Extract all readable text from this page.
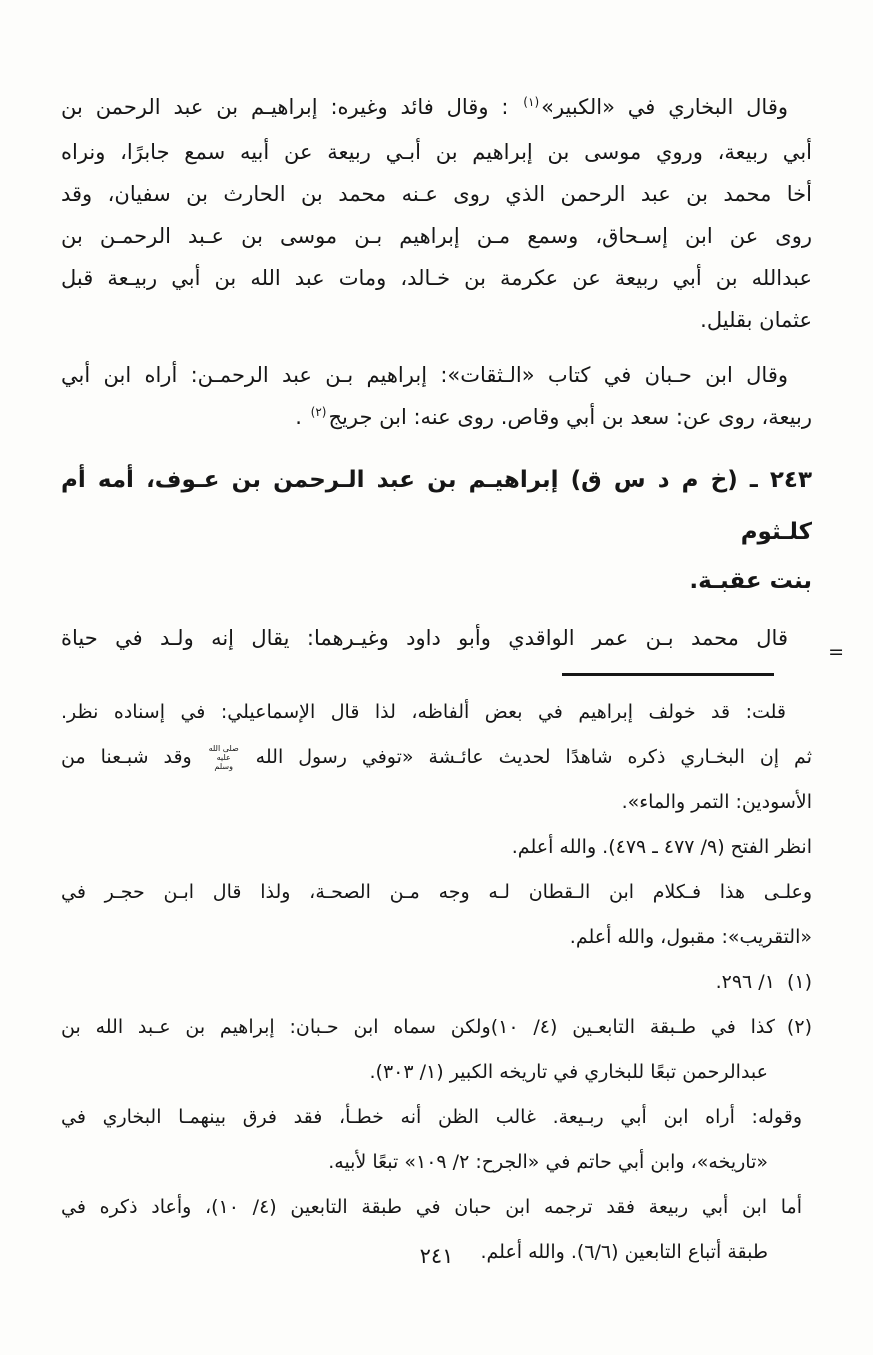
وقال البخاري في «الكبير»$^{(١)}$ : وقال فائد وغيره: إبراهيـم بن عبد الرحمن بن
أبي ربيعة، وروي موسى بن إبراهيم بن أبـي ربيعة عن أبيه سمع جابرًا، ونراه
أخا محمد بن عبد الرحمن الذي روى عـنه محمد بن الحارث بن سفيان، وقد
روى عن ابن إسـحاق، وسمع مـن إبراهيم بـن موسى بن عـبد الرحمـن بن
عبدالله بن أبي ربيعة عن عكرمة بن خـالد، ومات عبد الله بن أبي ربيـعة قبل
عثمان بقليل.
وقال ابن حـبان في كتاب «الـثقات»: إبراهيم بـن عبد الرحمـن: أراه ابن أبي
ربيعة، روى عن: سعد بن أبي وقاص. روى عنه: ابن جريج$^{(٢)}$ .
٢٤٣ ـ (خ م د س ق) إبراهيـم بن عبد الـرحمن بن عـوف، أمه أم كلـثوم
بنت عقبـة.
قال محمد بـن عمر الواقدي وأبو داود وغيـرهما: يقال إنه ولـد في حياة
=
قلت: قد خولف إبراهيم في بعض ألفاظه، لذا قال الإسماعيلي: في إسناده نظر.
ثم إن البخـاري ذكره شاهدًا لحديث عائـشة «توفي رسول الله صلى الله عليه وسلم وقد شبـعنا من
الأسودين: التمر والماء».
انظر الفتح (٩/ ٤٧٧ ـ ٤٧٩). والله أعلم.
وعلـى هذا فـكلام ابن الـقطان لـه وجه مـن الصحـة، ولذا قال ابـن حجـر في
«التقريب»: مقبول، والله أعلم.
(١)١/ ٢٩٦.
(٢)كذا في طـبقة التابعـين (٤/ ١٠)ولكن سماه ابن حـبان: إبراهيم بن عـبد الله بن
عبدالرحمن تبعًا للبخاري في تاريخه الكبير (١/ ٣٠٣).
وقوله: أراه ابن أبي ربـيعة. غالب الظن أنه خطـأ، فقد فرق بينهمـا البخاري في
«تاريخه»، وابن أبي حاتم في «الجرح: ٢/ ١٠٩» تبعًا لأبيه.
أما ابن أبي ربيعة فقد ترجمه ابن حبان في طبقة التابعين (٤/ ١٠)، وأعاد ذكره في
طبقة أتباع التابعين (٦/٦). والله أعلم.
٢٤١
